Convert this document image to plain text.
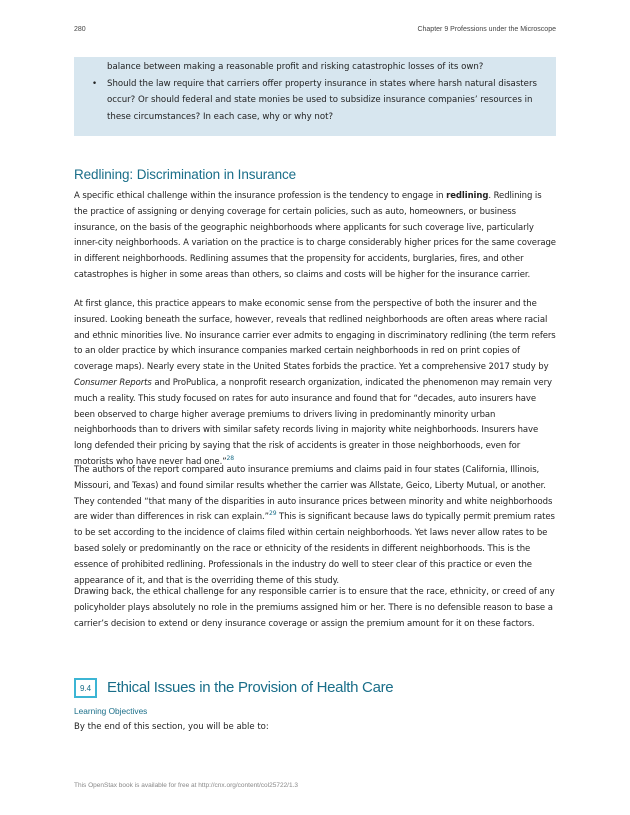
280	Chapter 9 Professions under the Microscope
balance between making a reasonable profit and risking catastrophic losses of its own?
•	Should the law require that carriers offer property insurance in states where harsh natural disasters occur? Or should federal and state monies be used to subsidize insurance companies’ resources in these circumstances? In each case, why or why not?
Redlining: Discrimination in Insurance

A specific ethical challenge within the insurance profession is the tendency to engage in redlining. Redlining is the practice of assigning or denying coverage for certain policies, such as auto, homeowners, or business insurance, on the basis of the geographic neighborhoods where applicants for such coverage live, particularly inner-city neighborhoods. A variation on the practice is to charge considerably higher prices for the same coverage in different neighborhoods. Redlining assumes that the propensity for accidents, burglaries, fires, and other catastrophes is higher in some areas than others, so claims and costs will be higher for the insurance carrier.

At first glance, this practice appears to make economic sense from the perspective of both the insurer and the insured. Looking beneath the surface, however, reveals that redlined neighborhoods are often areas where racial and ethnic minorities live. No insurance carrier ever admits to engaging in discriminatory redlining (the term refers to an older practice by which insurance companies marked certain neighborhoods in red on print copies of coverage maps). Nearly every state in the United States forbids the practice. Yet a comprehensive 2017 study by Consumer Reports and ProPublica, a nonprofit research organization, indicated the phenomenon may remain very much a reality. This study focused on rates for auto insurance and found that for “decades, auto insurers have been observed to charge higher average premiums to drivers living in predominantly minority urban neighborhoods than to drivers with similar safety records living in majority white neighborhoods. Insurers have long defended their pricing by saying that the risk of accidents is greater in those neighborhoods, even for motorists who have never had one.”$^{28}$

The authors of the report compared auto insurance premiums and claims paid in four states (California, Illinois, Missouri, and Texas) and found similar results whether the carrier was Allstate, Geico, Liberty Mutual, or another. They contended “that many of the disparities in auto insurance prices between minority and white neighborhoods are wider than differences in risk can explain.”$^{29}$ This is significant because laws do typically permit premium rates to be set according to the incidence of claims filed within certain neighborhoods. Yet laws never allow rates to be based solely or predominantly on the race or ethnicity of the residents in different neighborhoods. This is the essence of prohibited redlining. Professionals in the industry do well to steer clear of this practice or even the appearance of it, and that is the overriding theme of this study.

Drawing back, the ethical challenge for any responsible carrier is to ensure that the race, ethnicity, or creed of any policyholder plays absolutely no role in the premiums assigned him or her. There is no defensible reason to base a carrier’s decision to extend or deny insurance coverage or assign the premium amount for it on these factors.

9.4	Ethical Issues in the Provision of Health Care
Learning Objectives
By the end of this section, you will be able to:
This OpenStax book is available for free at http://cnx.org/content/col25722/1.3
